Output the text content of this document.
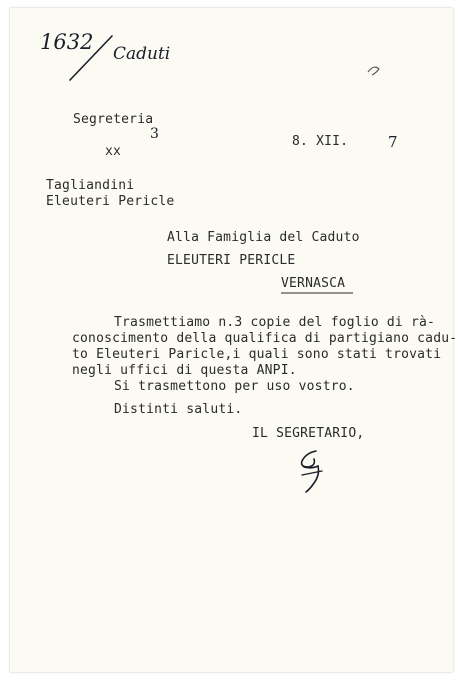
1632 Caduti
Segreteria
3
xx
8. XII.	7
Tagliandini
Eleuteri Pericle
Alla Famiglia del Caduto
ELEUTERI PERICLE
VERNASCA
Trasmettiamo n.3 copie del foglio di rà-
conoscimento della qualifica di partigiano cadu-
to Eleuteri Paricle,i quali sono stati trovati
negli uffici di questa ANPI.
Si trasmettono per uso vostro.
Distinti saluti.
IL SEGRETARIO,
